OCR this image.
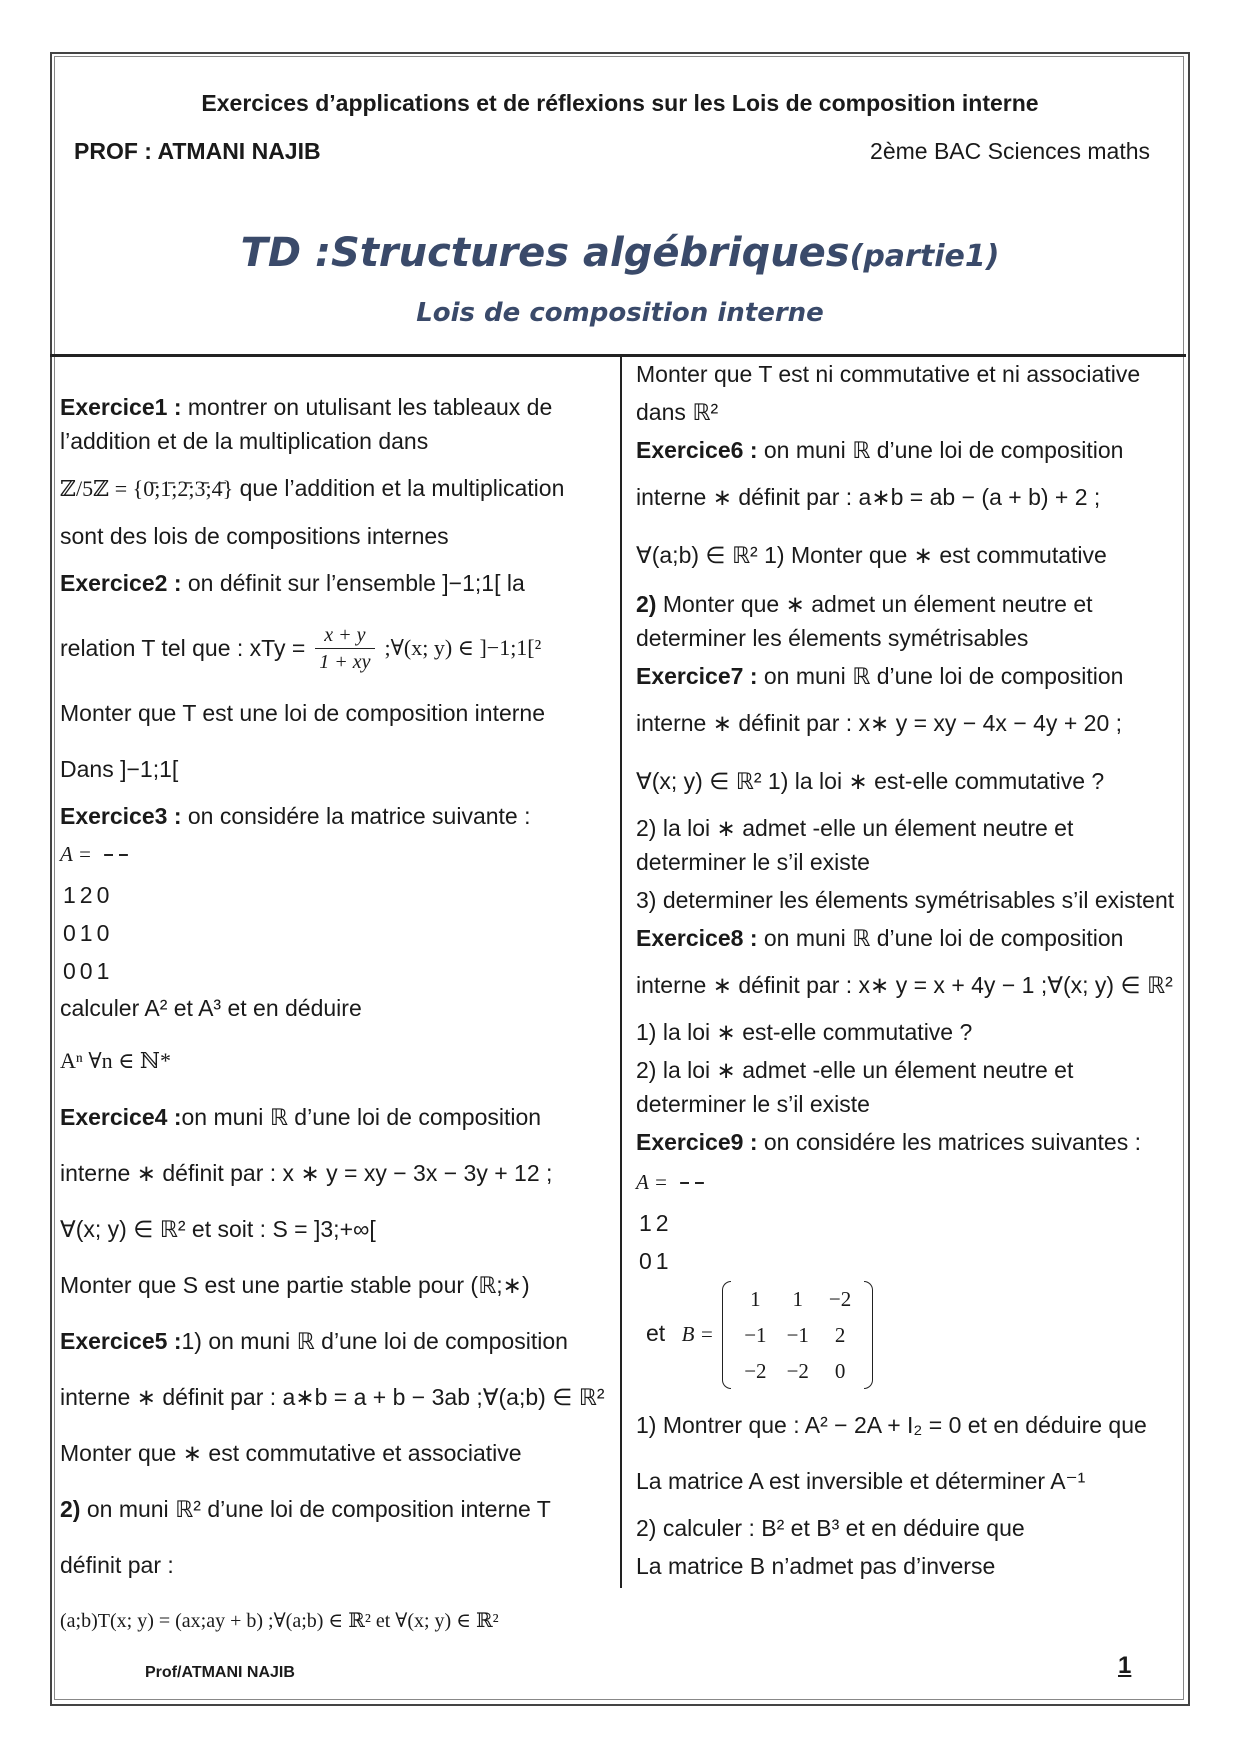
Exercices d’applications et de réflexions sur les Lois de composition interne
PROF : ATMANI NAJIB	2ème BAC Sciences maths
TD :Structures algébriques(partie1)
Lois de composition interne

Exercice1 : montrer on utulisant les tableaux de l’addition et de la multiplication dans

ℤ/5ℤ = {0̄;1̄;2̄;3̄;4̄} que l’addition et la multiplication

sont des lois de compositions internes

Exercice2 : on définit sur l’ensemble ]−1;1[ la

relation T tel que : xTy = $\frac{x + y}{1 + xy}$ ;∀(x; y) ∈ ]−1;1[²

Monter que T est une loi de composition interne

Dans ]−1;1[

Exercice3 : on considére la matrice suivante :

A =

1	2	0
0	1	0
0	0	1
calculer A² et A³ et en déduire

Aⁿ ∀n ∈ ℕ*

Exercice4 :on muni ℝ d’une loi de composition

interne ∗ définit par : x ∗ y = xy − 3x − 3y + 12 ;

∀(x; y) ∈ ℝ² et soit : S = ]3;+∞[

Monter que S est une partie stable pour (ℝ;∗)

Exercice5 :1) on muni ℝ d’une loi de composition

interne ∗ définit par : a∗b = a + b − 3ab ;∀(a;b) ∈ ℝ²

Monter que ∗ est commutative et associative

2) on muni ℝ² d’une loi de composition interne T

définit par :

(a;b)T(x; y) = (ax;ay + b) ;∀(a;b) ∈ ℝ² et ∀(x; y) ∈ ℝ²

Monter que T est ni commutative et ni associative

dans ℝ²

Exercice6 : on muni ℝ d’une loi de composition

interne ∗ définit par : a∗b = ab − (a + b) + 2 ;

∀(a;b) ∈ ℝ² 1) Monter que ∗ est commutative

2) Monter que ∗ admet un élement neutre et determiner les élements symétrisables

Exercice7 : on muni ℝ d’une loi de composition

interne ∗ définit par : x∗ y = xy − 4x − 4y + 20 ;

∀(x; y) ∈ ℝ² 1) la loi ∗ est-elle commutative ?

2) la loi ∗ admet -elle un élement neutre et determiner le s’il existe

3) determiner les élements symétrisables s’il existent

Exercice8 : on muni ℝ d’une loi de composition

interne ∗ définit par : x∗ y = x + 4y − 1 ;∀(x; y) ∈ ℝ²

1) la loi ∗ est-elle commutative ?

2) la loi ∗ admet -elle un élement neutre et determiner le s’il existe

Exercice9 : on considére les matrices suivantes :

A =

1	2
0	1
et B =
1	1	−2
−1	−1	2
−2	−2	0

1) Montrer que : A² − 2A + I₂ = 0 et en déduire que

La matrice A est inversible et déterminer A⁻¹

2) calculer : B² et B³ et en déduire que

La matrice B n’admet pas d’inverse

Prof/ATMANI NAJIB	1
